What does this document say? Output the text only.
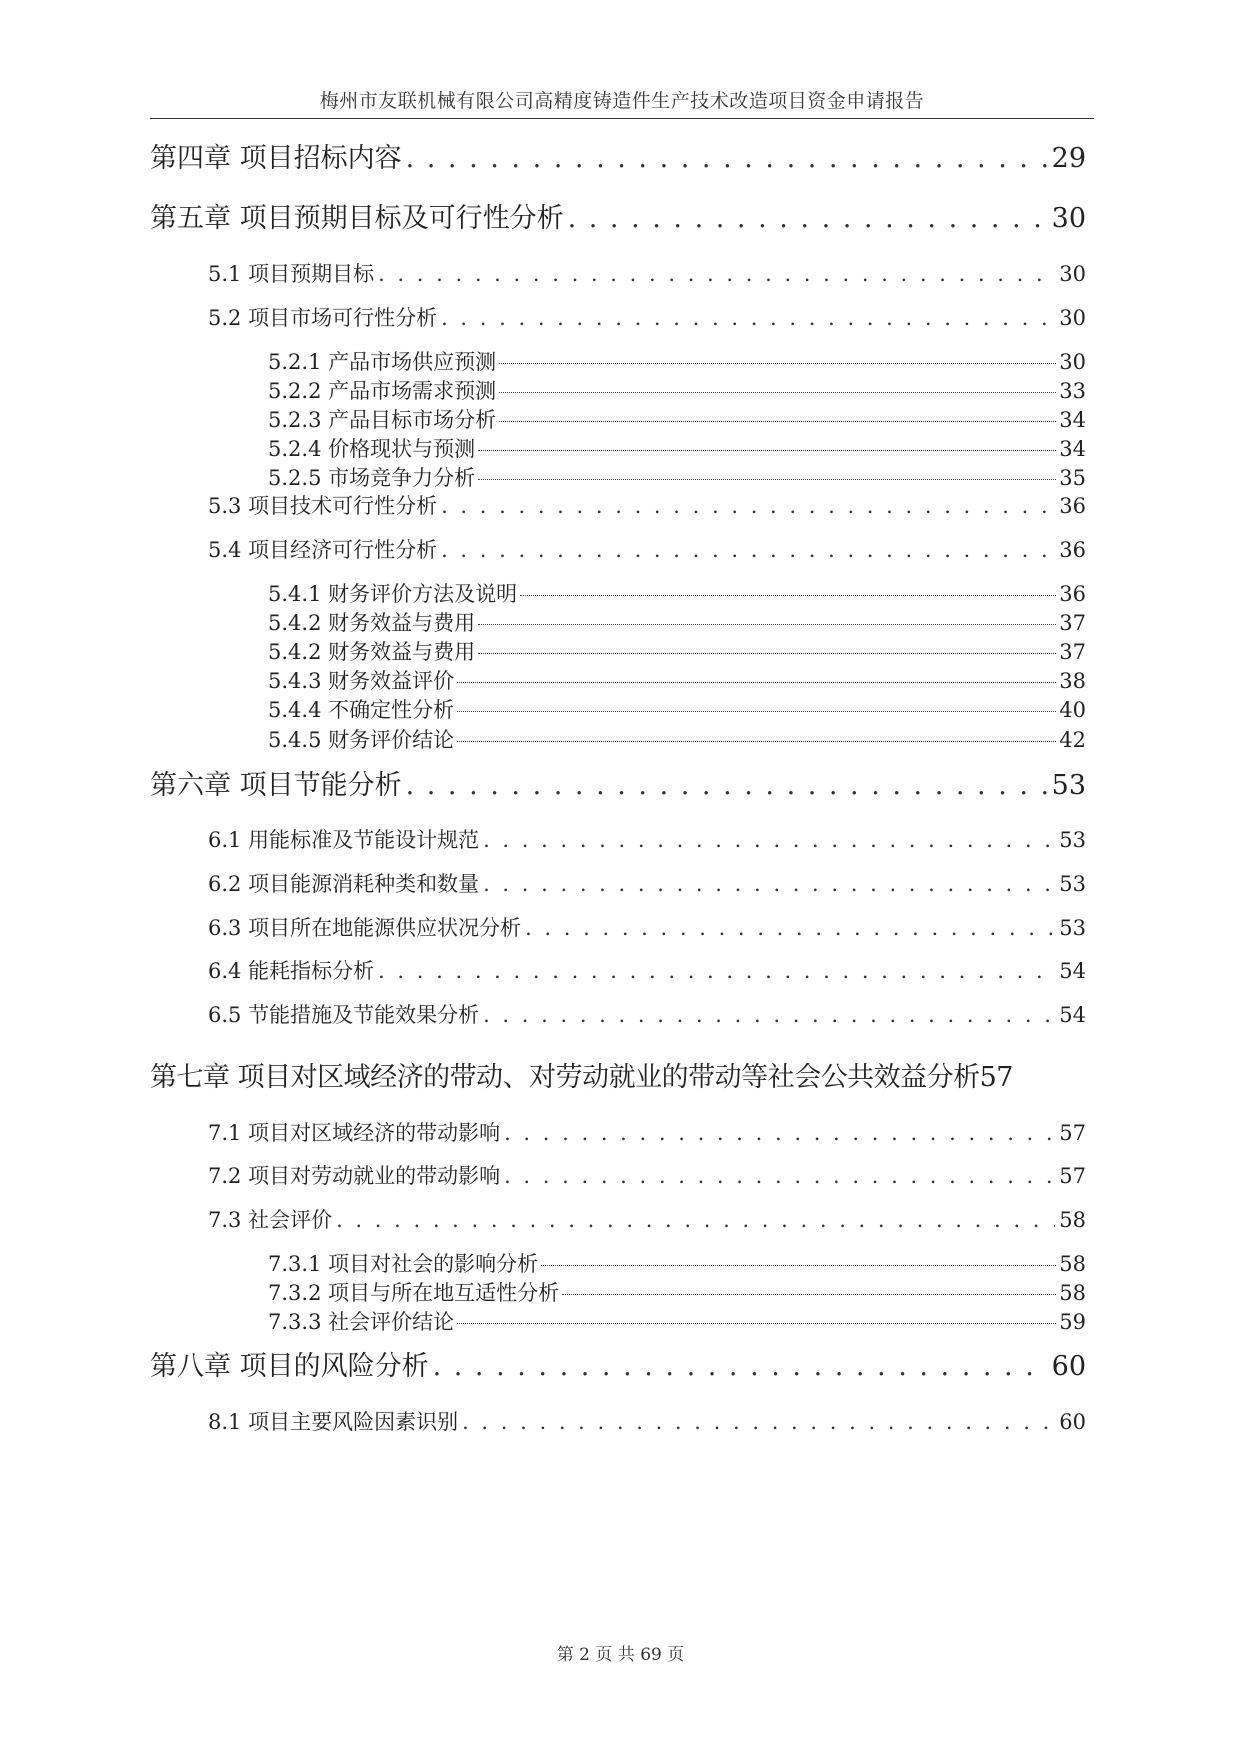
梅州市友联机械有限公司高精度铸造件生产技术改造项目资金申请报告
第四章 项目招标内容 . . .	29
第五章 项目预期目标及可行性分析 . . .	30
5.1 项目预期目标 . . .	30
5.2 项目市场可行性分析 . . .	30
5.2.1 产品市场供应预测	30
5.2.2 产品市场需求预测	33
5.2.3 产品目标市场分析	34
5.2.4 价格现状与预测	34
5.2.5 市场竞争力分析	35
5.3 项目技术可行性分析 . . .	36
5.4 项目经济可行性分析 . . .	36
5.4.1 财务评价方法及说明	36
5.4.2 财务效益与费用	37
5.4.2 财务效益与费用	37
5.4.3 财务效益评价	38
5.4.4 不确定性分析	40
5.4.5 财务评价结论	42
第六章 项目节能分析 . . .	53
6.1 用能标准及节能设计规范 . . .	53
6.2 项目能源消耗种类和数量 . . .	53
6.3 项目所在地能源供应状况分析 . . .	53
6.4 能耗指标分析 . . .	54
6.5 节能措施及节能效果分析 . . .	54
第七章 项目对区域经济的带动、对劳动就业的带动等社会公共效益分析 57
7.1 项目对区域经济的带动影响 . . .	57
7.2 项目对劳动就业的带动影响 . . .	57
7.3 社会评价 . . .	58
7.3.1 项目对社会的影响分析	58
7.3.2 项目与所在地互适性分析	58
7.3.3 社会评价结论	59
第八章 项目的风险分析 . . .	60
8.1 项目主要风险因素识别 . . .	60
第 2 页 共 69 页
